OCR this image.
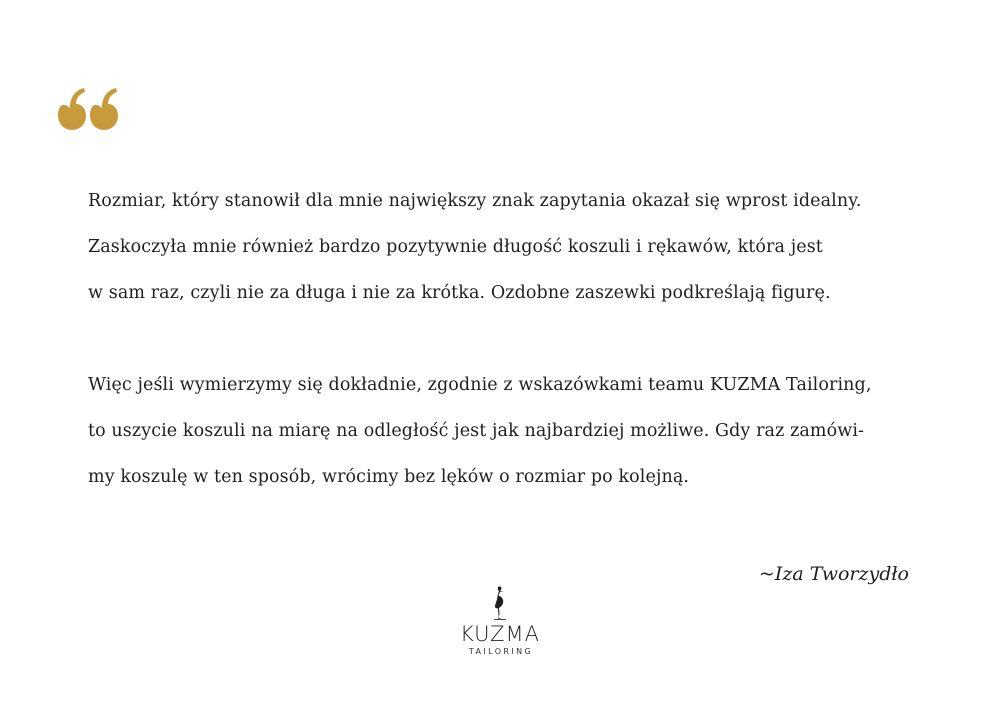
Rozmiar, który stanowił dla mnie największy znak zapytania okazał się wprost idealny.
Zaskoczyła mnie również bardzo pozytywnie długość koszuli i rękawów, która jest
w sam raz, czyli nie za długa i nie za krótka. Ozdobne zaszewki podkreślają figurę.
Więc jeśli wymierzymy się dokładnie, zgodnie z wskazówkami teamu KUZMA Tailoring,
to uszycie koszuli na miarę na odległość jest jak najbardziej możliwe. Gdy raz zamówi-
my koszulę w ten sposób, wrócimy bez lęków o rozmiar po kolejną.
~Iza Tworzydło
KUZMA
TAILORING
